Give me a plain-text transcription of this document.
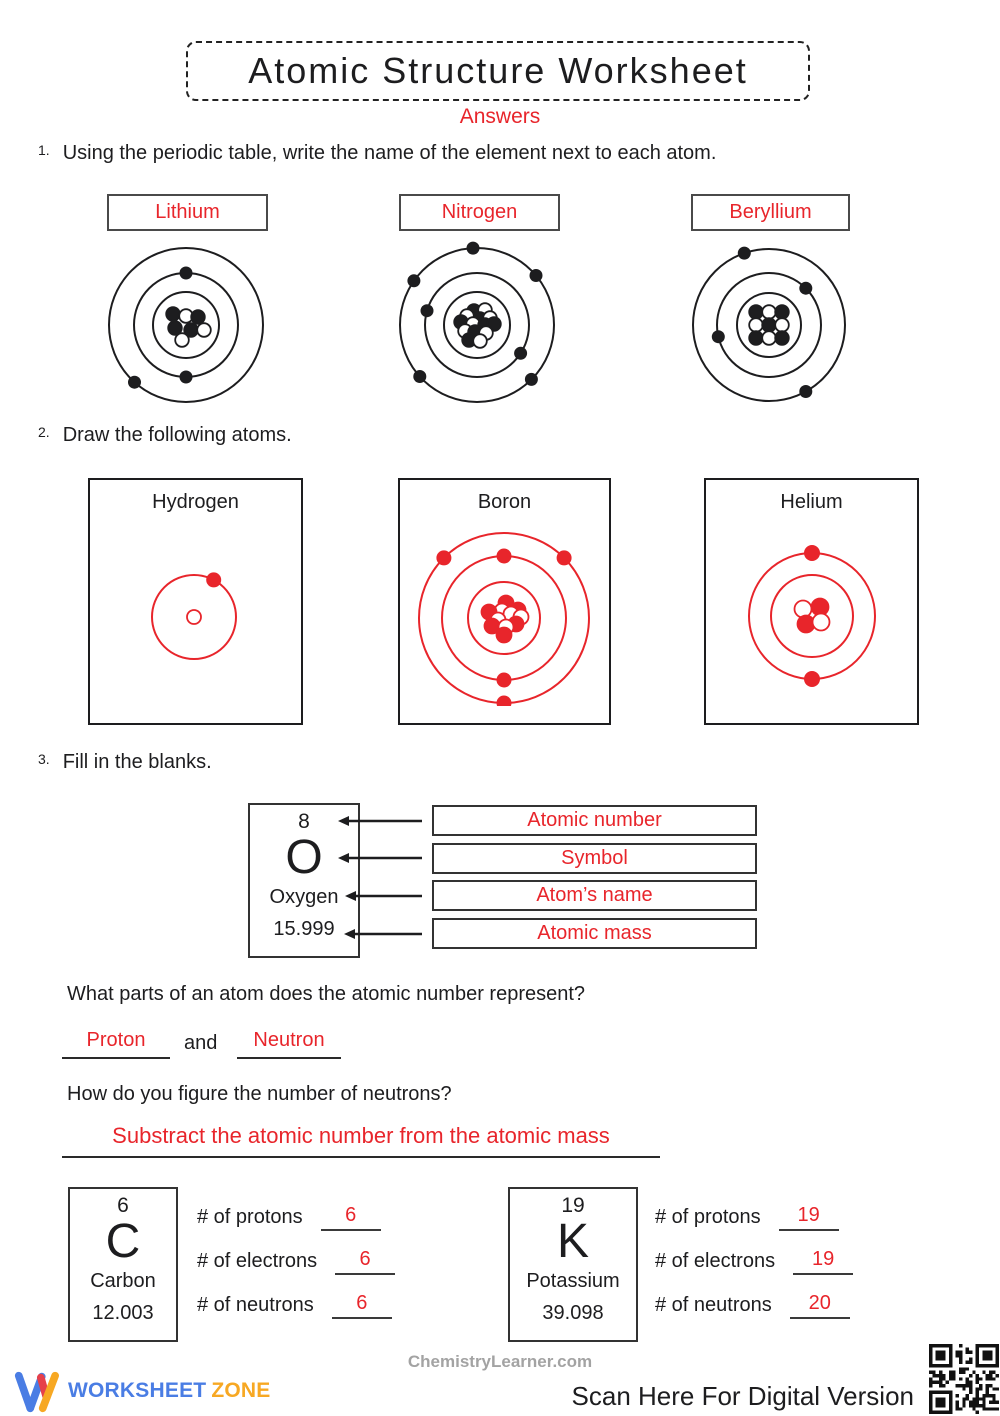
Atomic Structure Worksheet
Answers
$^{1.}$ Using the periodic table, write the name of the element next to each atom.
Lithium	Nitrogen	Beryllium
$^{2.}$ Draw the following atoms.
Hydrogen	Boron	Helium
$^{3.}$ Fill in the blanks.
8
O
Oxygen
15.999
Atomic number
Symbol
Atom’s name
Atomic mass
What parts of an atom does the atomic number represent?
Proton	and	Neutron
How do you figure the number of neutrons?
Substract the atomic number from the atomic mass
6
C
Carbon
12.003
# of protons	6
# of electrons	6
# of neutrons	6
19
K
Potassium
39.098
# of protons	19
# of electrons	19
# of neutrons	20
ChemistryLearner.com
Scan Here For Digital Version
WORKSHEET ZONE
